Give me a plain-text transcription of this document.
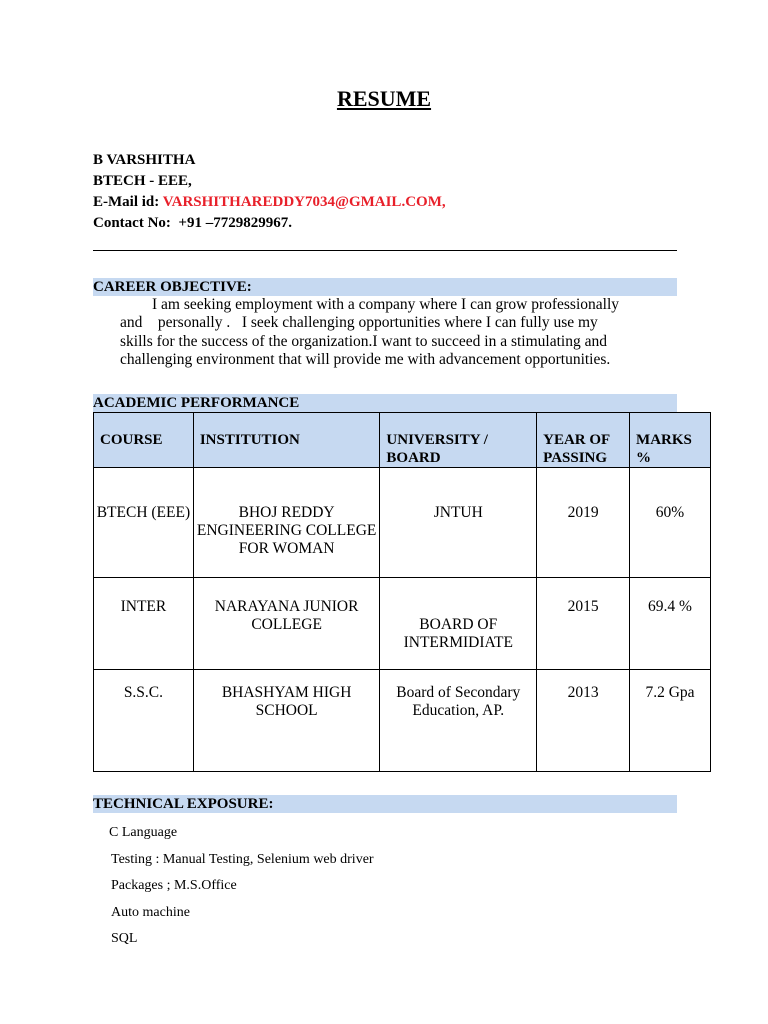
RESUME
B VARSHITHA
BTECH - EEE,
E-Mail id: VARSHITHAREDDY7034@GMAIL.COM,
Contact No: +91 –7729829967.
CAREER OBJECTIVE:
I am seeking employment with a company where I can grow professionally
and    personally .   I seek challenging opportunities where I can fully use my
skills for the success of the organization.I want to succeed in a stimulating and
challenging environment that will provide me with advancement opportunities.
ACADEMIC PERFORMANCE
COURSE	INSTITUTION	UNIVERSITY / BOARD	YEAR OF PASSING	MARKS %
BTECH (EEE)	BHOJ REDDY ENGINEERING COLLEGE FOR WOMAN	JNTUH	2019	60%
INTER	NARAYANA JUNIOR COLLEGE	BOARD OF INTERMIDIATE	2015	69.4 %
S.S.C.	BHASHYAM HIGH SCHOOL	Board of Secondary Education, AP.	2013	7.2 Gpa
TECHNICAL EXPOSURE:
C Language
Testing : Manual Testing, Selenium web driver
Packages ; M.S.Office
Auto machine
SQL
